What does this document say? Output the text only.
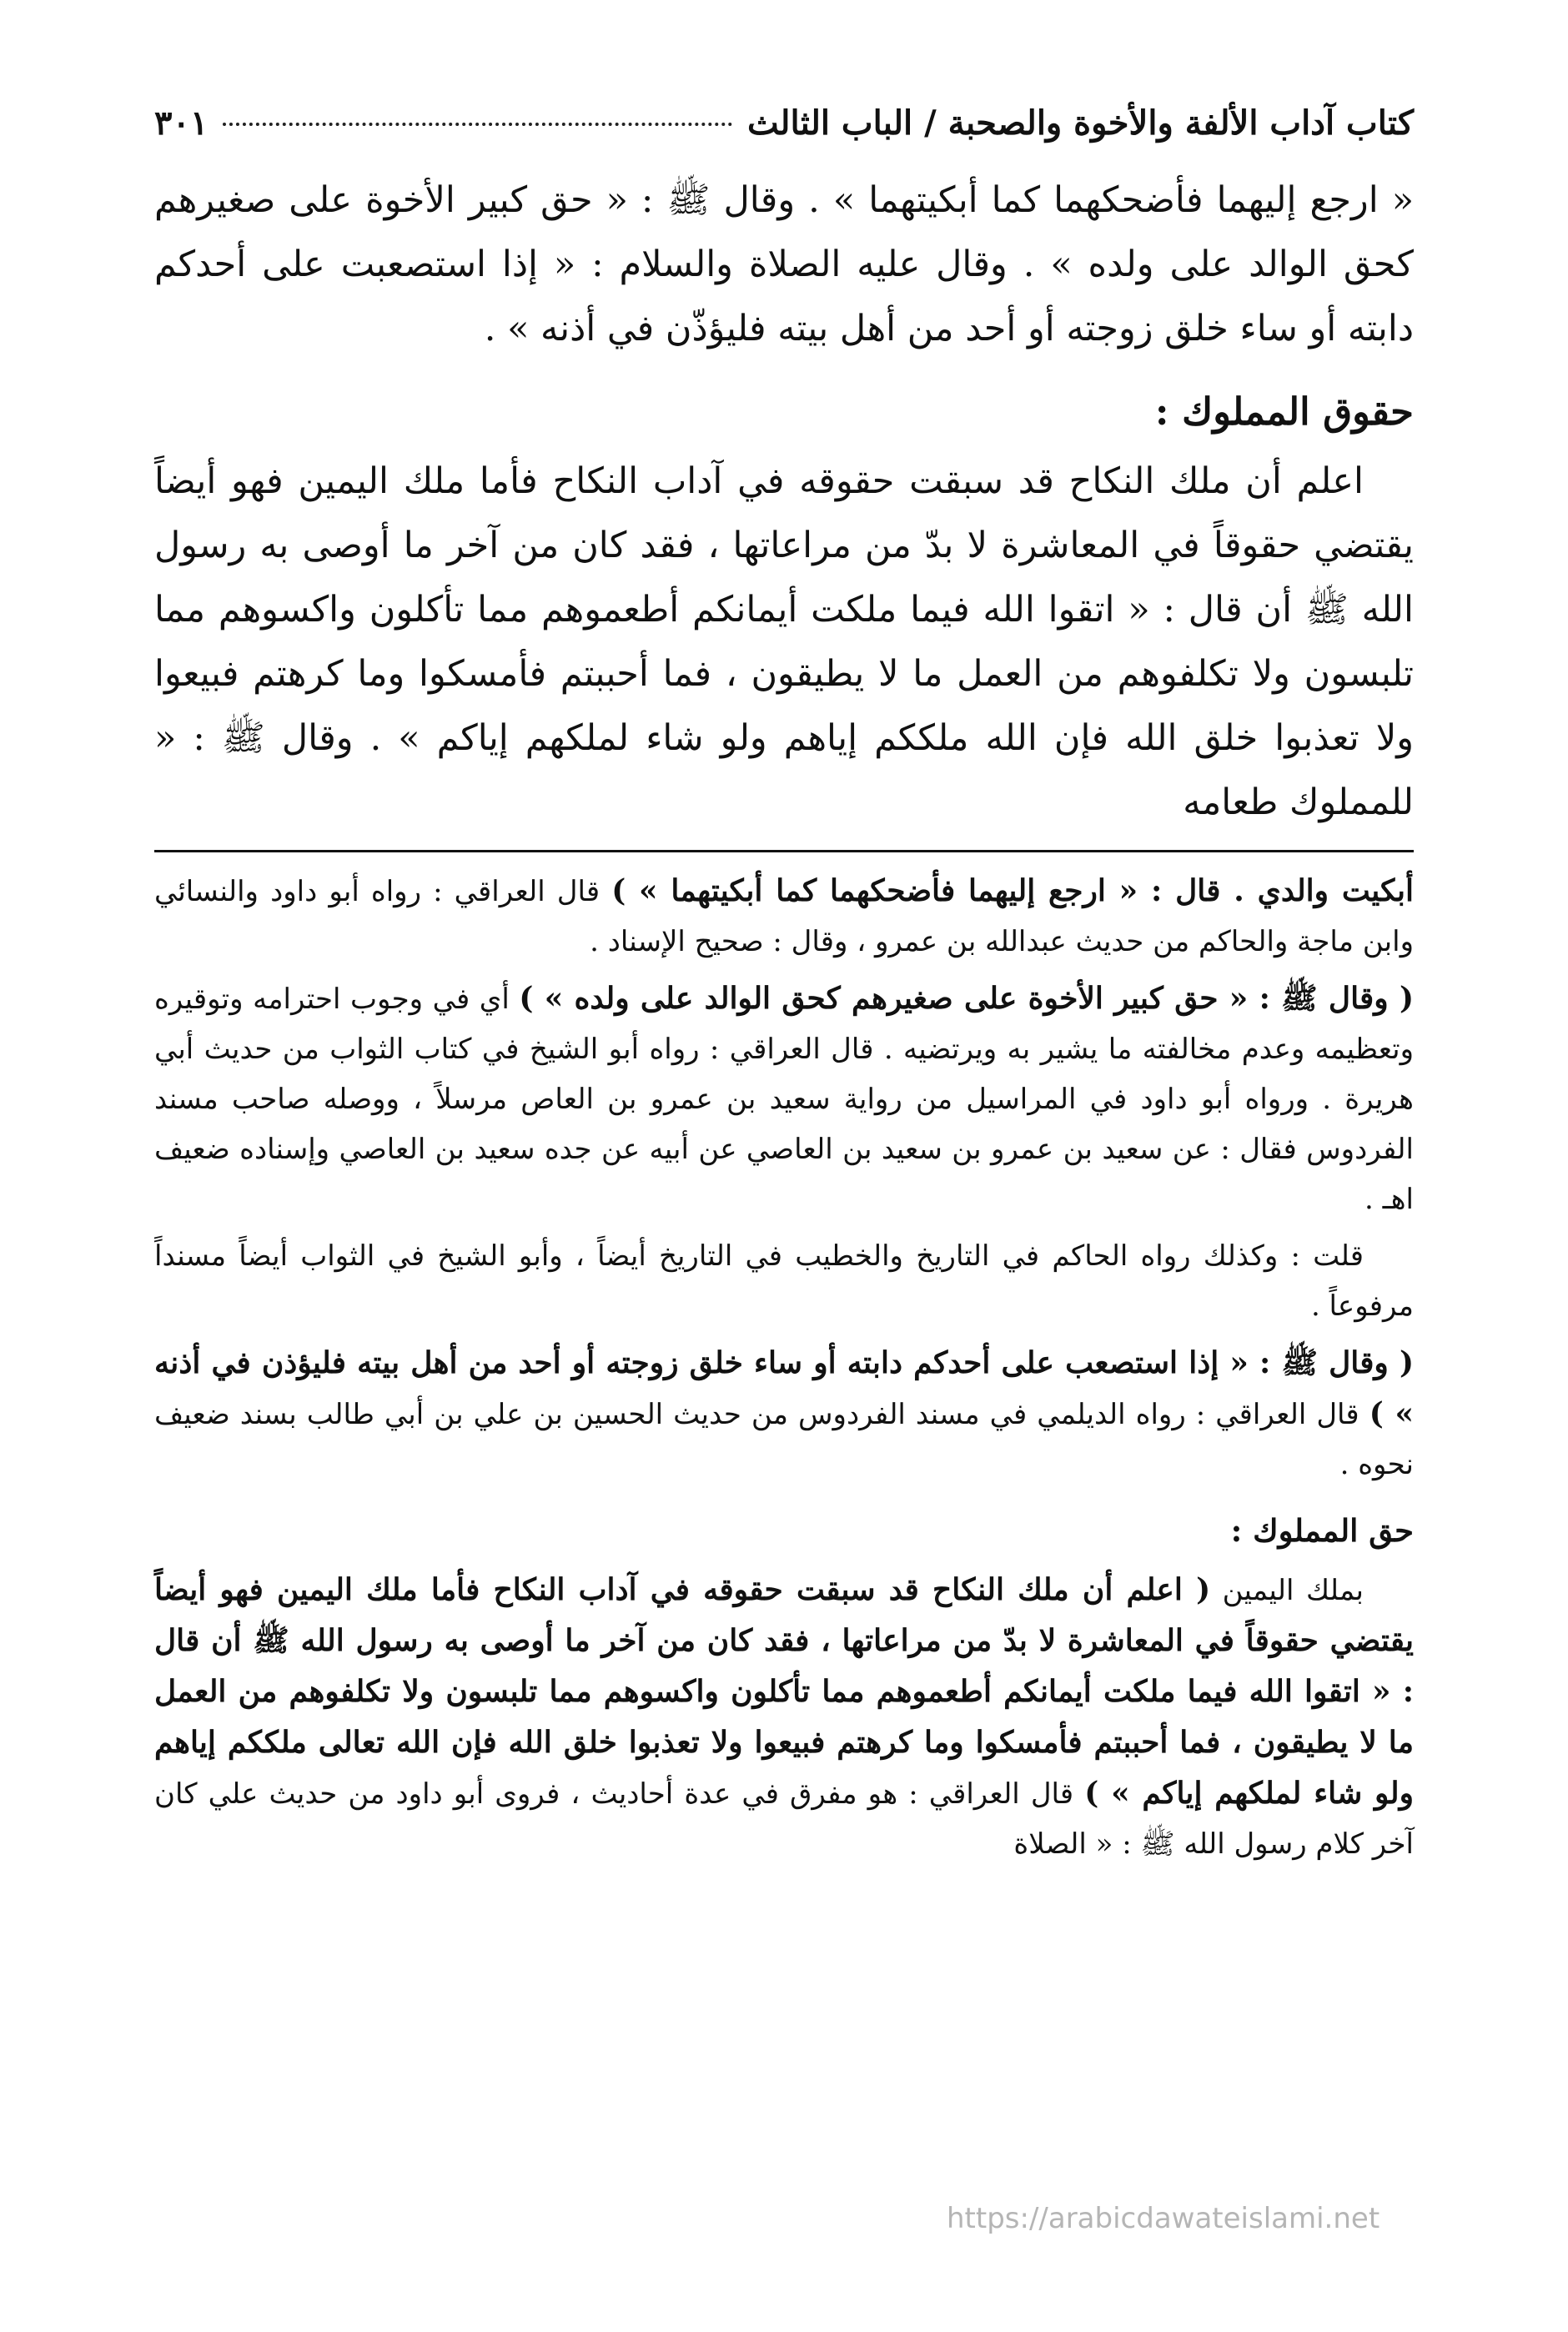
كتاب آداب الألفة والأخوة والصحبة / الباب الثالث
٣٠١

« ارجع إليهما فأضحكهما كما أبكيتهما » . وقال ﷺ : « حق كبير الأخوة على صغيرهم كحق الوالد على ولده » . وقال عليه الصلاة والسلام : « إذا استصعبت على أحدكم دابته أو ساء خلق زوجته أو أحد من أهل بيته فليؤذّن في أذنه » .

حقوق المملوك :

اعلم أن ملك النكاح قد سبقت حقوقه في آداب النكاح فأما ملك اليمين فهو أيضاً يقتضي حقوقاً في المعاشرة لا بدّ من مراعاتها ، فقد كان من آخر ما أوصى به رسول الله ﷺ أن قال : « اتقوا الله فيما ملكت أيمانكم أطعموهم مما تأكلون واكسوهم مما تلبسون ولا تكلفوهم من العمل ما لا يطيقون ، فما أحببتم فأمسكوا وما كرهتم فبيعوا ولا تعذبوا خلق الله فإن الله ملككم إياهم ولو شاء لملكهم إياكم » . وقال ﷺ : « للمملوك طعامه

أبكيت والدي . قال : « ارجع إليهما فأضحكهما كما أبكيتهما » ) قال العراقي : رواه أبو داود والنسائي وابن ماجة والحاكم من حديث عبدالله بن عمرو ، وقال : صحيح الإسناد .

( وقال ﷺ : « حق كبير الأخوة على صغيرهم كحق الوالد على ولده » ) أي في وجوب احترامه وتوقيره وتعظيمه وعدم مخالفته ما يشير به ويرتضيه . قال العراقي : رواه أبو الشيخ في كتاب الثواب من حديث أبي هريرة . ورواه أبو داود في المراسيل من رواية سعيد بن عمرو بن العاص مرسلاً ، ووصله صاحب مسند الفردوس فقال : عن سعيد بن عمرو بن سعيد بن العاصي عن أبيه عن جده سعيد بن العاصي وإسناده ضعيف اهـ .

قلت : وكذلك رواه الحاكم في التاريخ والخطيب في التاريخ أيضاً ، وأبو الشيخ في الثواب أيضاً مسنداً مرفوعاً .

( وقال ﷺ : « إذا استصعب على أحدكم دابته أو ساء خلق زوجته أو أحد من أهل بيته فليؤذن في أذنه » ) قال العراقي : رواه الديلمي في مسند الفردوس من حديث الحسين بن علي بن أبي طالب بسند ضعيف نحوه .

حق المملوك :

بملك اليمين ( اعلم أن ملك النكاح قد سبقت حقوقه في آداب النكاح فأما ملك اليمين فهو أيضاً يقتضي حقوقاً في المعاشرة لا بدّ من مراعاتها ، فقد كان من آخر ما أوصى به رسول الله ﷺ أن قال : « اتقوا الله فيما ملكت أيمانكم أطعموهم مما تأكلون واكسوهم مما تلبسون ولا تكلفوهم من العمل ما لا يطيقون ، فما أحببتم فأمسكوا وما كرهتم فبيعوا ولا تعذبوا خلق الله فإن الله تعالى ملككم إياهم ولو شاء لملكهم إياكم » ) قال العراقي : هو مفرق في عدة أحاديث ، فروى أبو داود من حديث علي كان آخر كلام رسول الله ﷺ : « الصلاة

https://arabicdawateislami.net
